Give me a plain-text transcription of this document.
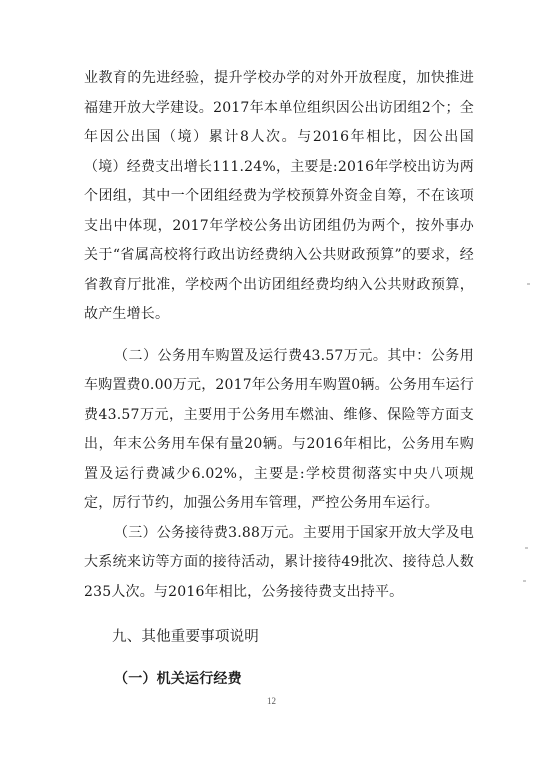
业教育的先进经验，提升学校办学的对外开放程度，加快推进福建开放大学建设。2017年本单位组织因公出访团组2个；全年因公出国（境）累计8人次。与2016年相比，因公出国（境）经费支出增长111.24%，主要是:2016年学校出访为两个团组，其中一个团组经费为学校预算外资金自筹，不在该项支出中体现，2017年学校公务出访团组仍为两个，按外事办关于“省属高校将行政出访经费纳入公共财政预算”的要求，经省教育厅批准，学校两个出访团组经费均纳入公共财政预算，故产生增长。

（二）公务用车购置及运行费43.57万元。其中：公务用车购置费0.00万元，2017年公务用车购置0辆。公务用车运行费43.57万元，主要用于公务用车燃油、维修、保险等方面支出，年末公务用车保有量20辆。与2016年相比，公务用车购置及运行费减少6.02%，主要是:学校贯彻落实中央八项规定，厉行节约，加强公务用车管理，严控公务用车运行。

（三）公务接待费3.88万元。主要用于国家开放大学及电大系统来访等方面的接待活动，累计接待49批次、接待总人数235人次。与2016年相比，公务接待费支出持平。

九、其他重要事项说明

（一）机关运行经费

12
